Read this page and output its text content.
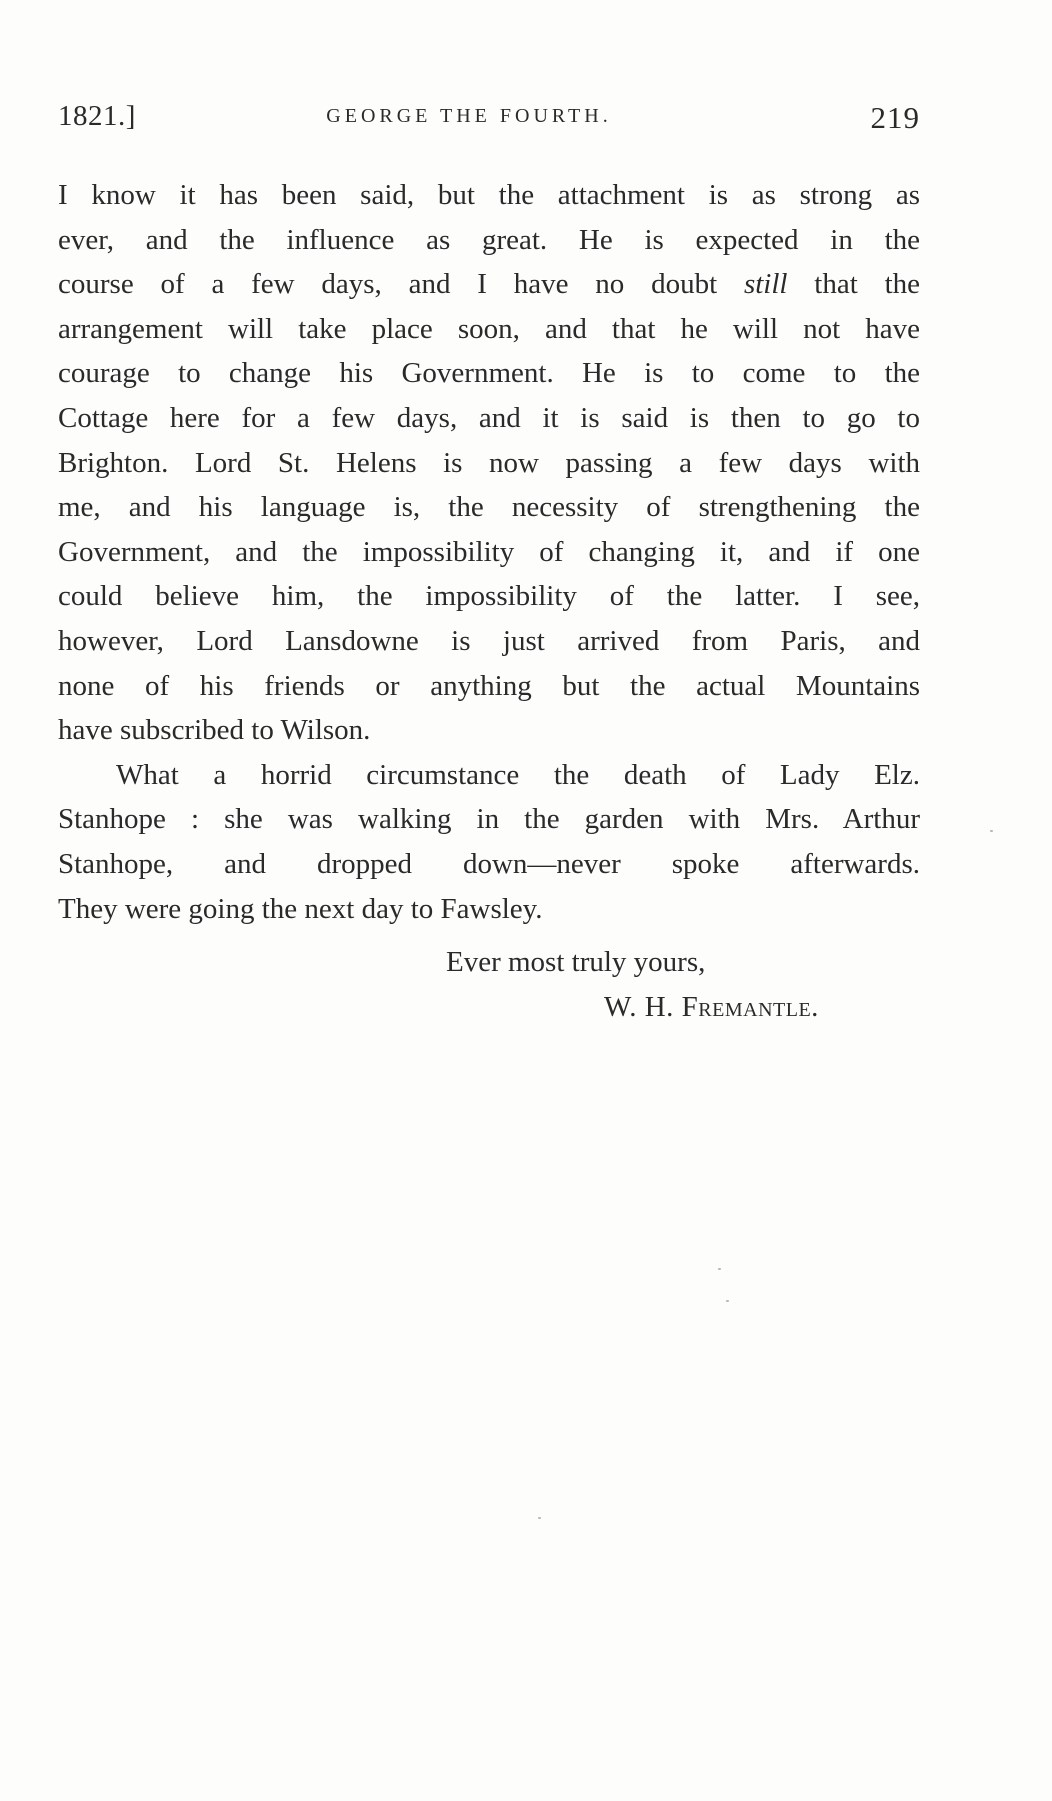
1821.]	GEORGE THE FOURTH.	219
I know it has been said, but the attachment is as strong as
ever, and the influence as great. He is expected in the
course of a few days, and I have no doubt still that the
arrangement will take place soon, and that he will not have
courage to change his Government. He is to come to the
Cottage here for a few days, and it is said is then to go to
Brighton. Lord St. Helens is now passing a few days with
me, and his language is, the necessity of strengthening the
Government, and the impossibility of changing it, and if one
could believe him, the impossibility of the latter. I see,
however, Lord Lansdowne is just arrived from Paris, and
none of his friends or anything but the actual Mountains
have subscribed to Wilson.
What a horrid circumstance the death of Lady Elz.
Stanhope : she was walking in the garden with Mrs. Arthur
Stanhope, and dropped down—never spoke afterwards.
They were going the next day to Fawsley.
Ever most truly yours,
W. H. Fremantle.
